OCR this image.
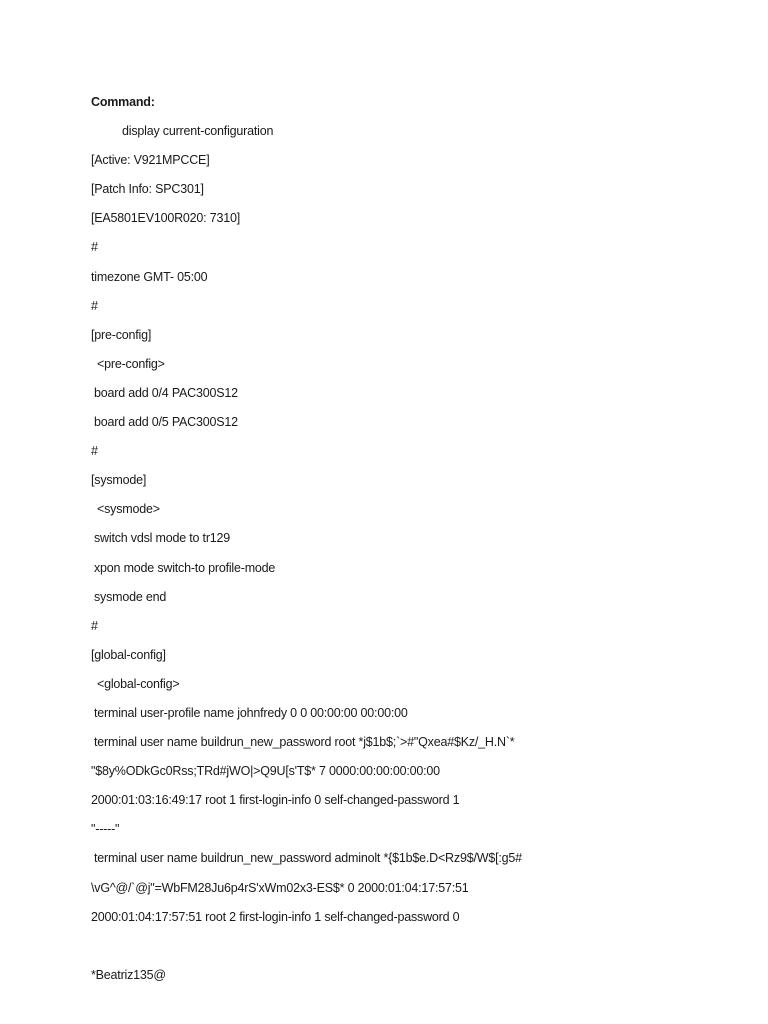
Command:
display current-configuration
[Active: V921MPCCE]
[Patch Info: SPC301]
[EA5801EV100R020: 7310]
#
timezone GMT- 05:00
#
[pre-config]
<pre-config>
board add 0/4 PAC300S12
board add 0/5 PAC300S12
#
[sysmode]
<sysmode>
switch vdsl mode to tr129
xpon mode switch-to profile-mode
sysmode end
#
[global-config]
<global-config>
terminal user-profile name johnfredy 0 0 00:00:00 00:00:00
terminal user name buildrun_new_password root *j$1b$;`>#"Qxea#$Kz/_H.N`*
"$8y%ODkGc0Rss;TRd#jWO|>Q9U[s'T$* 7 0000:00:00:00:00:00
2000:01:03:16:49:17 root 1 first-login-info 0 self-changed-password 1
"-----"
terminal user name buildrun_new_password adminolt *{$1b$e.D<Rz9$/W$[:g5#
\vG^@/`@j"=WbFM28Ju6p4rS'xWm02x3-ES$* 0 2000:01:04:17:57:51
2000:01:04:17:57:51 root 2 first-login-info 1 self-changed-password 0
*Beatriz135@
